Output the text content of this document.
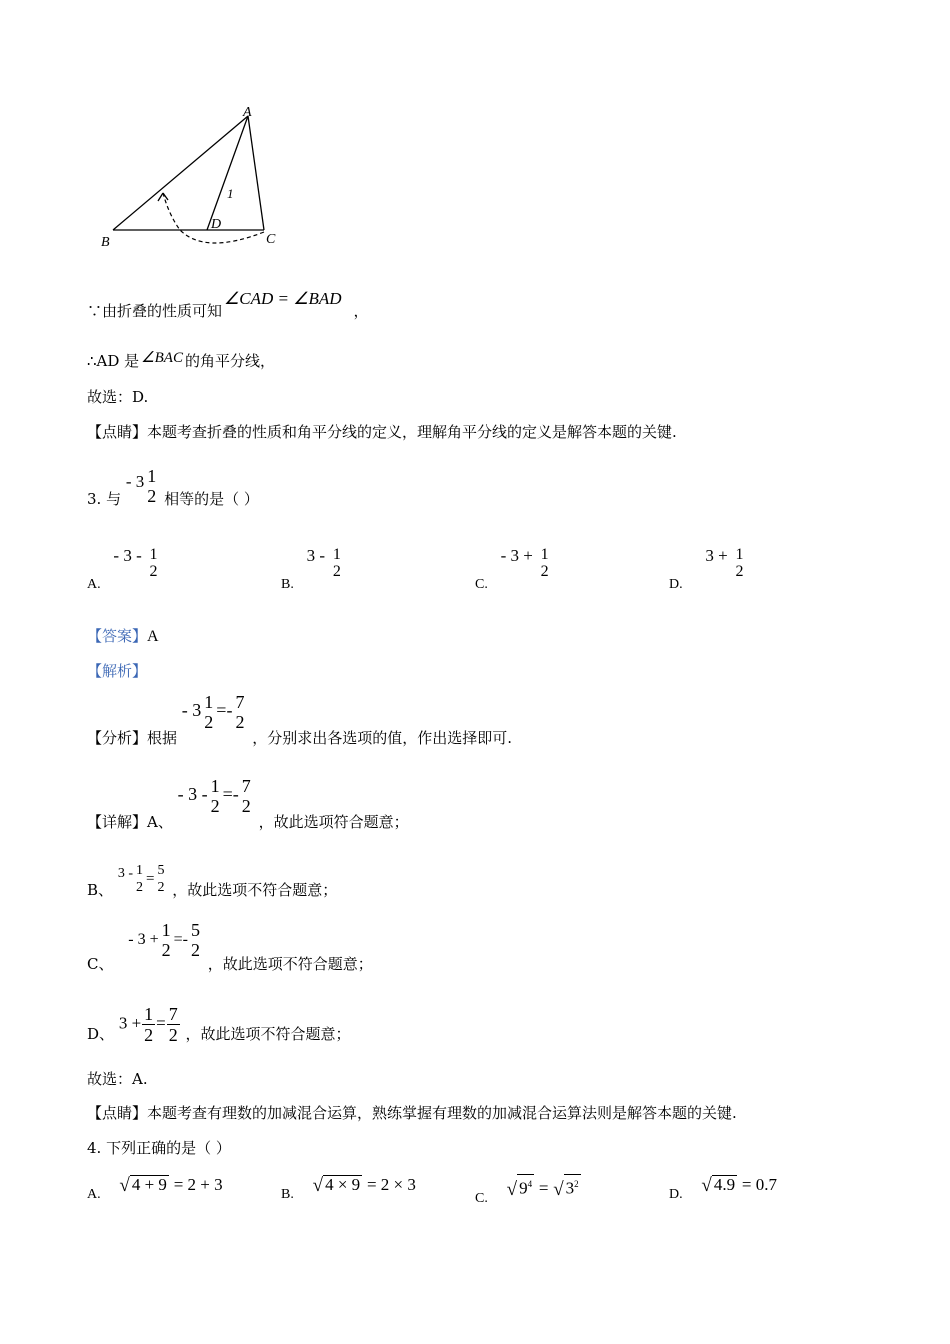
A
B	C
D
1
∵由折叠的性质可知∠CAD = ∠BAD，
∴AD 是 ∠BAC 的角平分线，
故选：D.
【点睛】本题考查折叠的性质和角平分线的定义，理解角平分线的定义是解答本题的关键.
3. 与 - 3 1
2 相等的是（ ）
A. - 3 - 1
2
B. 3 - 1
2
C. - 3 + 1
2
D. 3 + 1
2
【答案】A
【解析】
【分析】根据 - 3 1
2
=- 7
2
，分别求出各选项的值，作出选择即可.
【详解】A、 - 3 - 1
2
=- 7
2
，故此选项符合题意；
B、 3 - 1
2
=
5
2 ，故此选项不符合题意；
C、 - 3 + 1
2
=- 5
2
，故此选项不符合题意；
D、 $3 + \frac{1}{2} = \frac{7}{2}$ ，故此选项不符合题意；
故选：A.
【点睛】本题考查有理数的加减混合运算，熟练掌握有理数的加减混合运算法则是解答本题的关键.
4. 下列正确的是（ ）
A. √ 4 + 9 = 2 + 3
B. √ 4 × 9 = 2 × 3
C. √ $9^4$ = √ $3^2$
D. √ 4.9 = 0.7
